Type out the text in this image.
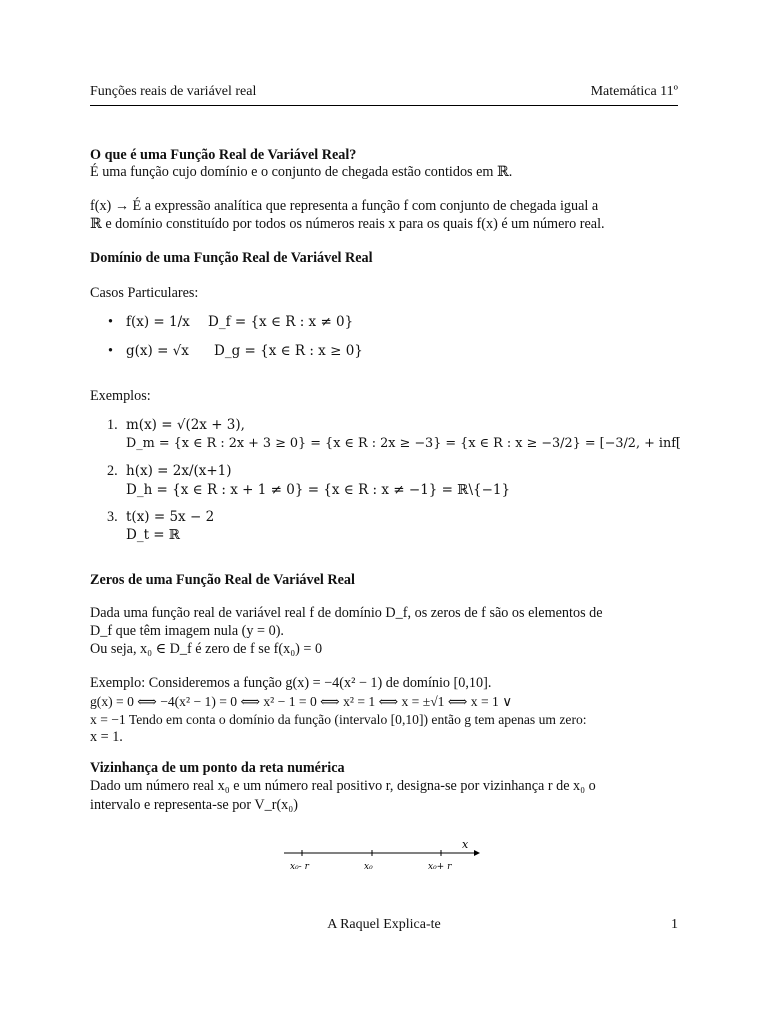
Funções reais de variável real	Matemática 11º
O que é uma Função Real de Variável Real?
É uma função cujo domínio e o conjunto de chegada estão contidos em ℝ.
f(x) → É a expressão analítica que representa a função f com conjunto de chegada igual a
ℝ e domínio constituído por todos os números reais x para os quais f(x) é um número real.
Domínio de uma Função Real de Variável Real
Casos Particulares:
• f(x) = 1/x D_f = {x ∈ R : x ≠ 0}
• g(x) = √x D_g = {x ∈ R : x ≥ 0}
Exemplos:
1. m(x) = √(2x + 3),
D_m = {x ∈ R : 2x + 3 ≥ 0} = {x ∈ R : 2x ≥ −3} = {x ∈ R : x ≥ −3/2} = [−3/2, + inf[
2. h(x) = 2x/(x+1)
D_h = {x ∈ R : x + 1 ≠ 0} = {x ∈ R : x ≠ −1} = ℝ\{−1}
3. t(x) = 5x − 2
D_t = ℝ
Zeros de uma Função Real de Variável Real
Dada uma função real de variável real f de domínio D_f, os zeros de f são os elementos de
D_f que têm imagem nula (y = 0).
Ou seja, x₀ ∈ D_f é zero de f se f(x₀) = 0
Exemplo: Consideremos a função g(x) = −4(x² − 1) de domínio [0,10].
g(x) = 0 ⟺ −4(x² − 1) = 0 ⟺ x² − 1 = 0 ⟺ x² = 1 ⟺ x = ±√1 ⟺ x = 1 ∨
x = −1 Tendo em conta o domínio da função (intervalo [0,10]) então g tem apenas um zero:
x = 1.
Vizinhança de um ponto da reta numérica
Dado um número real x₀ e um número real positivo r, designa-se por vizinhança r de x₀ o
intervalo e representa-se por V_r(x₀)
x
x₀- r	x₀	x₀+ r
A Raquel Explica-te	1
